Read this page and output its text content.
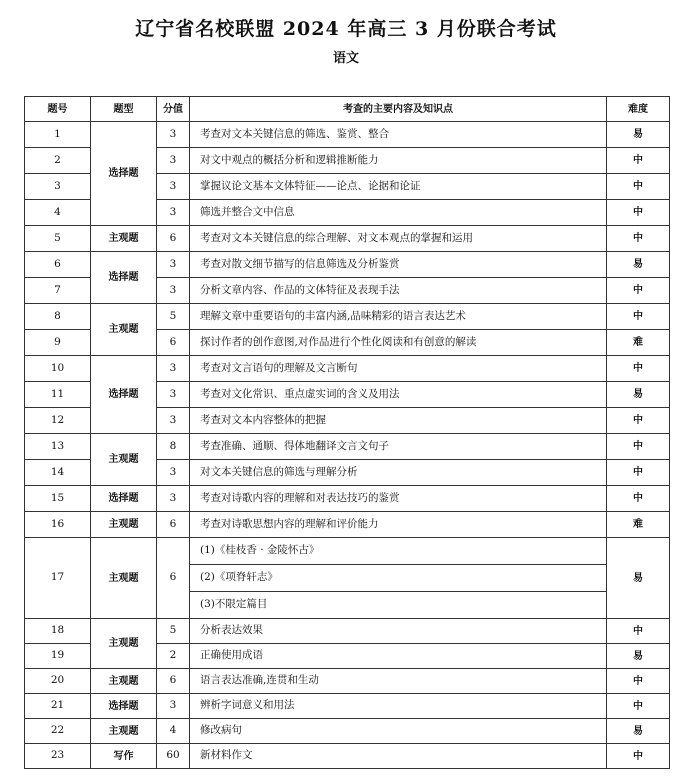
辽宁省名校联盟 2024 年高三 3 月份联合考试
语文
题号	题型	分值	考查的主要内容及知识点	难度
1	选择题	3	考查对文本关键信息的筛选、鉴赏、整合	易
2		3	对文中观点的概括分析和逻辑推断能力	中
3		3	掌握议论文基本文体特征——论点、论据和论证	中
4		3	筛选并整合文中信息	中
5	主观题	6	考查对文本关键信息的综合理解、对文本观点的掌握和运用	中
6	选择题	3	考查对散文细节描写的信息筛选及分析鉴赏	易
7		3	分析文章内容、作品的文体特征及表现手法	中
8	主观题	5	理解文章中重要语句的丰富内涵,品味精彩的语言表达艺术	中
9		6	探讨作者的创作意图,对作品进行个性化阅读和有创意的解读	难
10	选择题	3	考查对文言语句的理解及文言断句	中
11		3	考查对文化常识、重点虚实词的含义及用法	易
12		3	考查对文本内容整体的把握	中
13	主观题	8	考查准确、通顺、得体地翻译文言文句子	中
14		3	对文本关键信息的筛选与理解分析	中
15	选择题	3	考查对诗歌内容的理解和对表达技巧的鉴赏	中
16	主观题	6	考查对诗歌思想内容的理解和评价能力	难
17	主观题	6	(1)《桂枝香 · 金陵怀古》	易
			(2)《项脊轩志》	
			(3)不限定篇目	
18	主观题	5	分析表达效果	中
19		2	正确使用成语	易
20	主观题	6	语言表达准确,连贯和生动	中
21	选择题	3	辨析字词意义和用法	中
22	主观题	4	修改病句	易
23	写作	60	新材料作文	中
